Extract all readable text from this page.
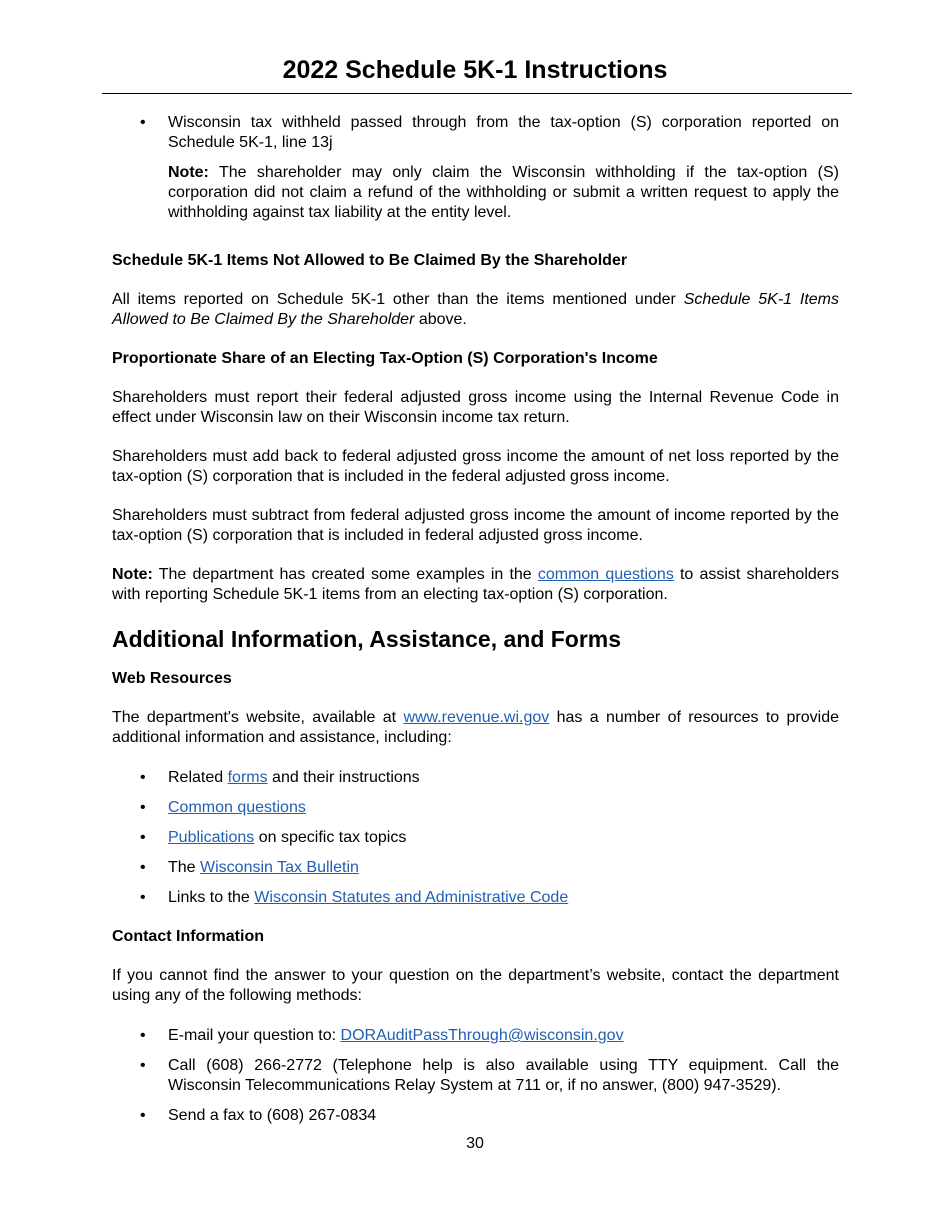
2022 Schedule 5K-1 Instructions
• Wisconsin tax withheld passed through from the tax-option (S) corporation reported on Schedule 5K-1, line 13j

Note: The shareholder may only claim the Wisconsin withholding if the tax-option (S) corporation did not claim a refund of the withholding or submit a written request to apply the withholding against tax liability at the entity level.

Schedule 5K-1 Items Not Allowed to Be Claimed By the Shareholder

All items reported on Schedule 5K-1 other than the items mentioned under Schedule 5K-1 Items Allowed to Be Claimed By the Shareholder above.

Proportionate Share of an Electing Tax-Option (S) Corporation's Income

Shareholders must report their federal adjusted gross income using the Internal Revenue Code in effect under Wisconsin law on their Wisconsin income tax return.

Shareholders must add back to federal adjusted gross income the amount of net loss reported by the tax-option (S) corporation that is included in the federal adjusted gross income.

Shareholders must subtract from federal adjusted gross income the amount of income reported by the tax-option (S) corporation that is included in federal adjusted gross income.

Note: The department has created some examples in the common questions to assist shareholders with reporting Schedule 5K-1 items from an electing tax-option (S) corporation.

Additional Information, Assistance, and Forms
Web Resources

The department's website, available at www.revenue.wi.gov has a number of resources to provide additional information and assistance, including:

• Related forms and their instructions
• Common questions
• Publications on specific tax topics
• The Wisconsin Tax Bulletin
• Links to the Wisconsin Statutes and Administrative Code
Contact Information

If you cannot find the answer to your question on the department’s website, contact the department using any of the following methods:

• E-mail your question to: DORAuditPassThrough@wisconsin.gov
• Call (608) 266-2772 (Telephone help is also available using TTY equipment. Call the Wisconsin Telecommunications Relay System at 711 or, if no answer, (800) 947-3529).
• Send a fax to (608) 267-0834
30
